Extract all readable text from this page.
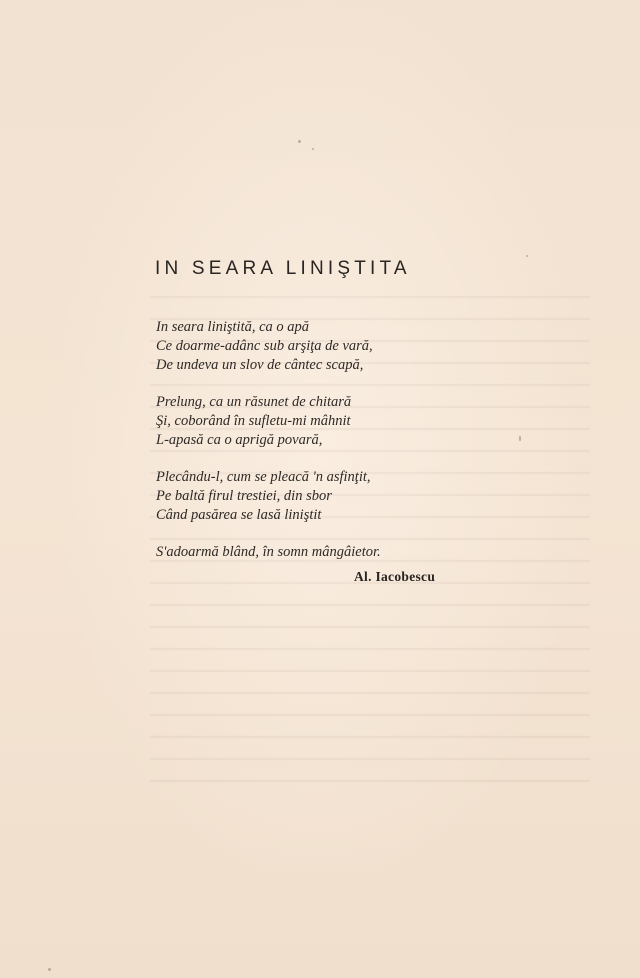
IN SEARA LINIŞTITA

In seara liniştită, ca o apă
Ce doarme-adânc sub arşiţa de vară,
De undeva un slov de cântec scapă,

Prelung, ca un răsunet de chitară
Şi, coborând în sufletu-mi mâhnit
L-apasă ca o aprigă povară,

Plecându-l, cum se pleacă 'n asfinţit,
Pe baltă firul trestiei, din sbor
Când pasărea se lasă liniştit

S'adoarmă blând, în somn mângâietor.

Al. Iacobescu
